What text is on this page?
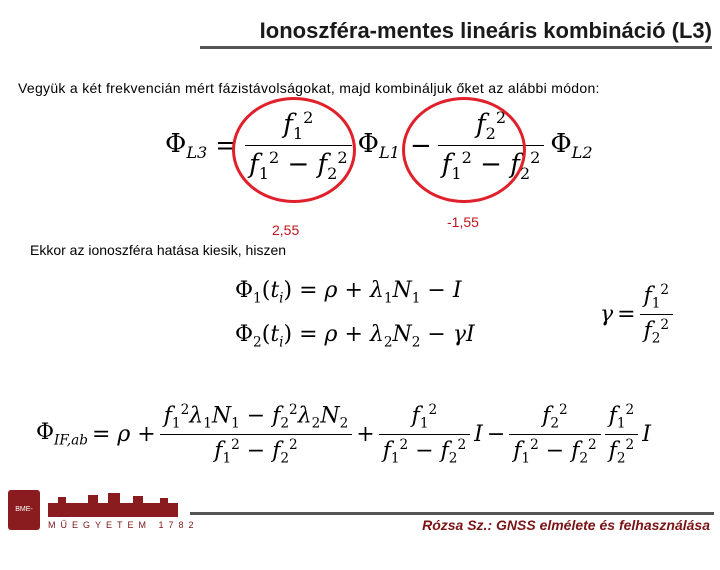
Ionoszféra-mentes lineáris kombináció (L3)
Vegyük a két frekvencián mért fázistávolságokat, majd kombináljuk őket az alábbi módon:
$\Phi_{L3} = \frac{f_1^2}{f_1^2 - f_2^2} \Phi_{L1} - \frac{f_2^2}{f_1^2 - f_2^2} \Phi_{L2}$
2,55	-1,55
Ekkor az ionoszféra hatása kiesik, hiszen
$\Phi_1(t_i) = \rho + \lambda_1N_1 - I$
$\Phi_2(t_i) = \rho + \lambda_2N_2 - \gamma I$
$\gamma = \frac{f_1^2}{f_2^2}$
$\Phi_{IF,ab} = \rho + \frac{f_1^2\lambda_1N_1 - f_2^2\lambda_2N_2}{f_1^2 - f_2^2} + \frac{f_1^2}{f_1^2 - f_2^2}$ $I - \frac{f_2^2}{f_1^2 - f_2^2} \frac{f_1^2}{f_2^2}$ I
BME-ÁFGT
MŰEGYETEM 1782	Rózsa Sz.: GNSS elmélete és felhasználása
